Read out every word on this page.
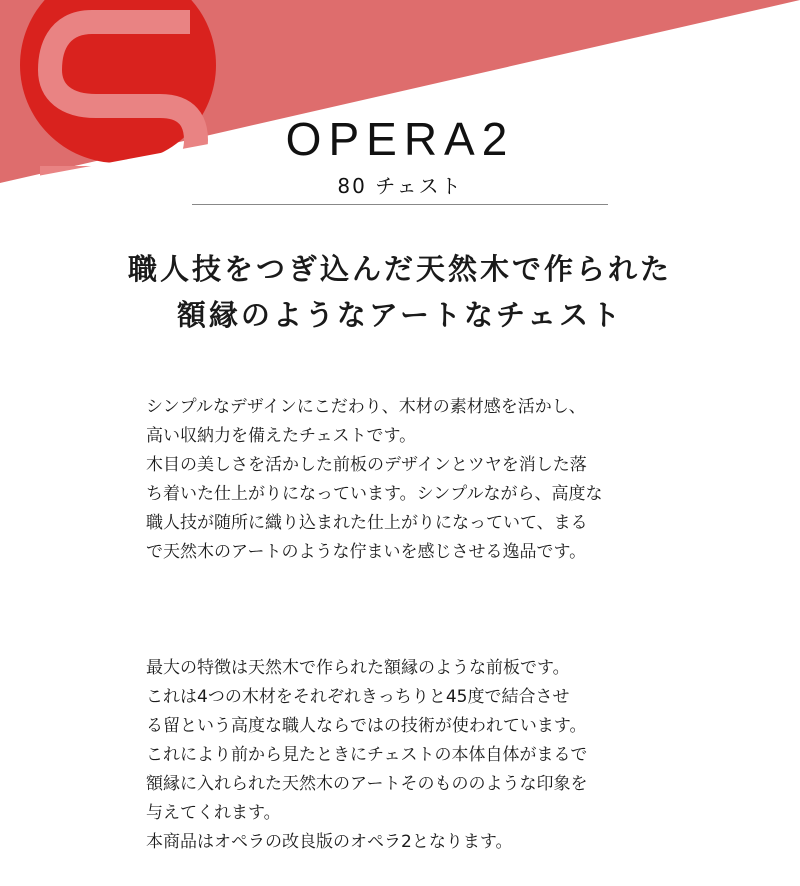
OPERA2
80 チェスト
職人技をつぎ込んだ天然木で作られた
額縁のようなアートなチェスト

シンプルなデザインにこだわり、木材の素材感を活かし、
高い収納力を備えたチェストです。
木目の美しさを活かした前板のデザインとツヤを消した落
ち着いた仕上がりになっています。シンプルながら、高度な
職人技が随所に織り込まれた仕上がりになっていて、まる
で天然木のアートのような佇まいを感じさせる逸品です。

最大の特徴は天然木で作られた額縁のような前板です。
これは4つの木材をそれぞれきっちりと45度で結合させ
る留という高度な職人ならではの技術が使われています。
これにより前から見たときにチェストの本体自体がまるで
額縁に入れられた天然木のアートそのもののような印象を
与えてくれます。
本商品はオペラの改良版のオペラ2となります。
